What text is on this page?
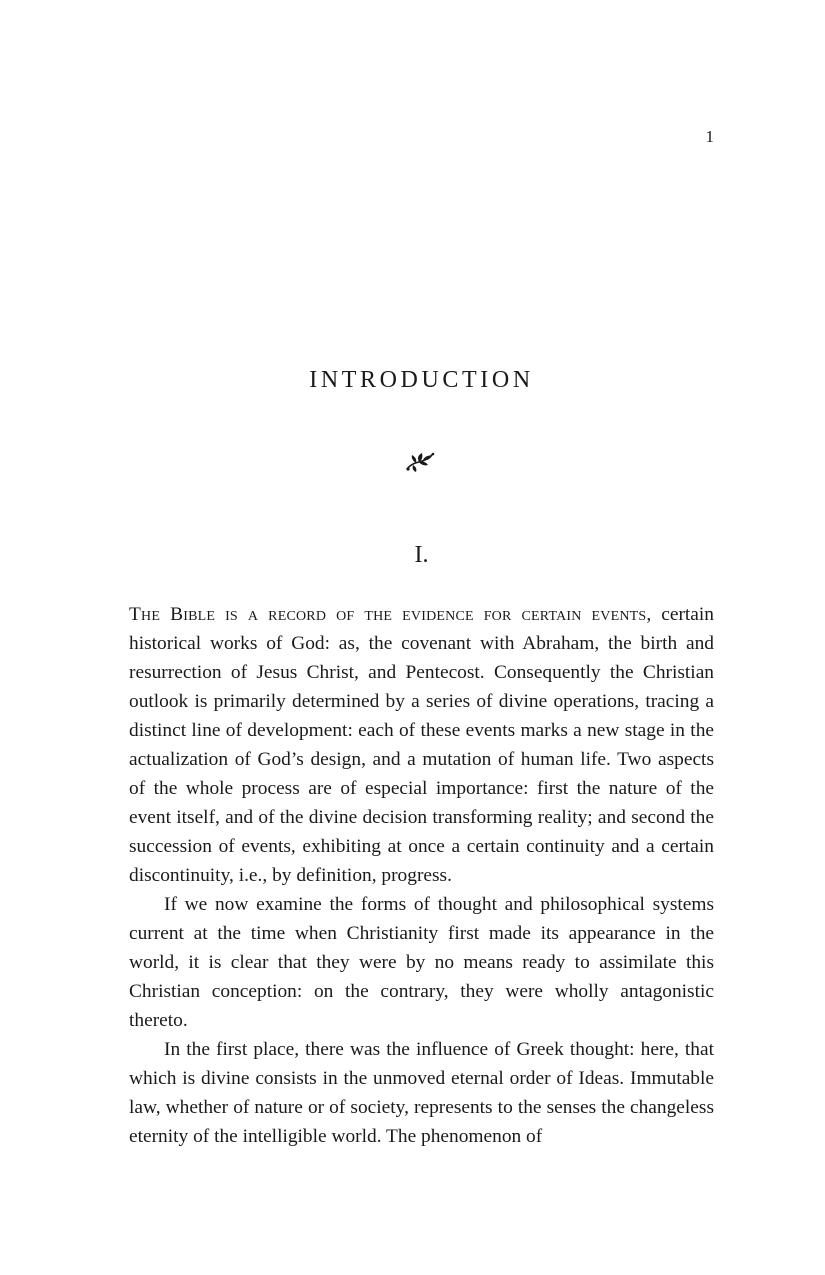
1
INTRODUCTION
I.

The Bible is a record of the evidence for certain events, certain historical works of God: as, the covenant with Abraham, the birth and resurrection of Jesus Christ, and Pentecost. Consequently the Christian outlook is primarily determined by a series of divine operations, tracing a distinct line of development: each of these events marks a new stage in the actualization of God’s design, and a mutation of human life. Two aspects of the whole process are of especial importance: first the nature of the event itself, and of the divine decision transforming reality; and second the succession of events, exhibiting at once a certain continuity and a certain discontinuity, i.e., by definition, progress.

If we now examine the forms of thought and philosophical systems current at the time when Christianity first made its appearance in the world, it is clear that they were by no means ready to assimilate this Christian conception: on the contrary, they were wholly antagonistic thereto.

In the first place, there was the influence of Greek thought: here, that which is divine consists in the unmoved eternal order of Ideas. Immutable law, whether of nature or of society, represents to the senses the changeless eternity of the intelligible world. The phenomenon of
